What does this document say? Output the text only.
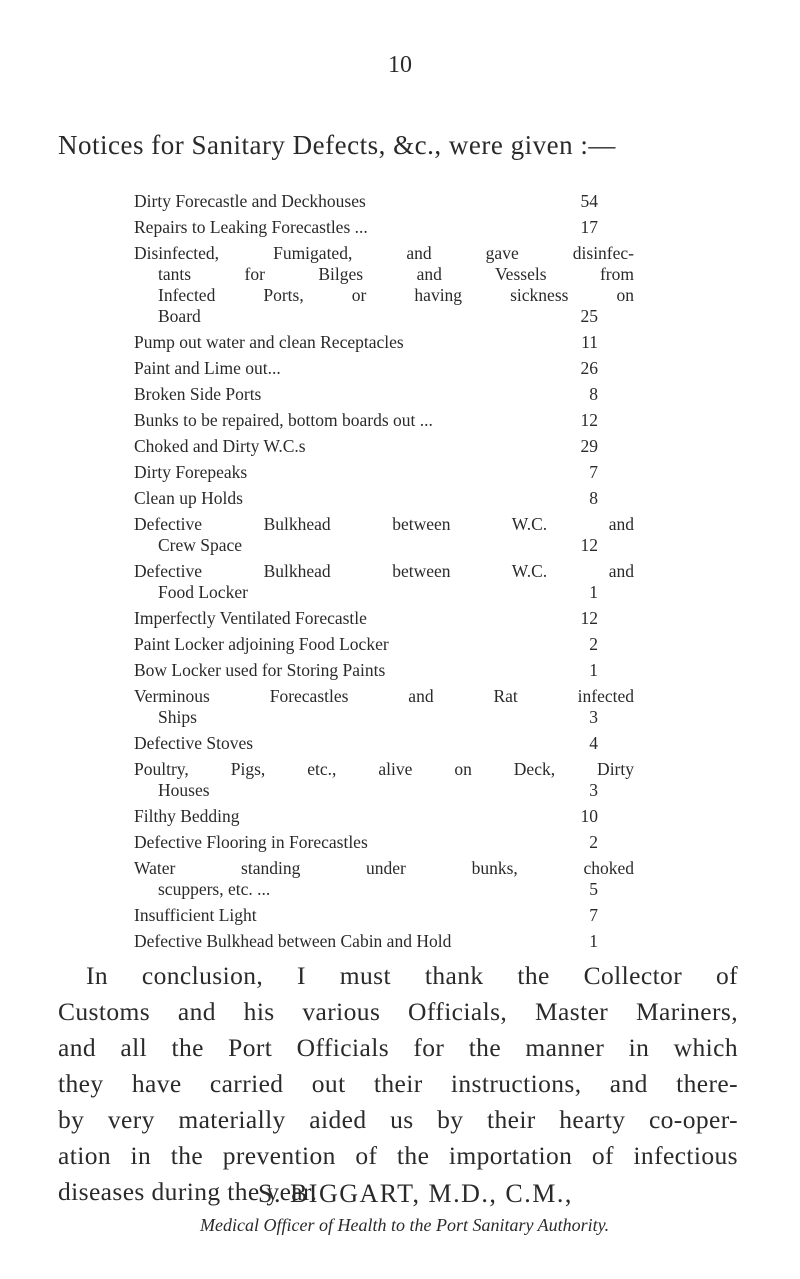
10
Notices for Sanitary Defects, &c., were given :—
Dirty Forecastle and Deckhouses	54
Repairs to Leaking Forecastles ...	17
Disinfected, Fumigated, and gave disinfec-
tants for Bilges and Vessels from
Infected Ports, or having sickness on
Board	25
Pump out water and clean Receptacles	11
Paint and Lime out...	26
Broken Side Ports	8
Bunks to be repaired, bottom boards out ...	12
Choked and Dirty W.C.s	29
Dirty Forepeaks	7
Clean up Holds	8
Defective Bulkhead between W.C. and
Crew Space	12
Defective Bulkhead between W.C. and
Food Locker	1
Imperfectly Ventilated Forecastle	12
Paint Locker adjoining Food Locker	2
Bow Locker used for Storing Paints	1
Verminous Forecastles and Rat infected
Ships	3
Defective Stoves	4
Poultry, Pigs, etc., alive on Deck, Dirty
Houses	3
Filthy Bedding	10
Defective Flooring in Forecastles	2
Water standing under bunks, choked
scuppers, etc. ...	5
Insufficient Light	7
Defective Bulkhead between Cabin and Hold	1
In conclusion, I must thank the Collector of
Customs and his various Officials, Master Mariners,
and all the Port Officials for the manner in which
they have carried out their instructions, and there-
by very materially aided us by their hearty co-oper-
ation in the prevention of the importation of infectious
diseases during the year.
S. BIGGART, M.D., C.M.,
Medical Officer of Health to the Port Sanitary Authority.
